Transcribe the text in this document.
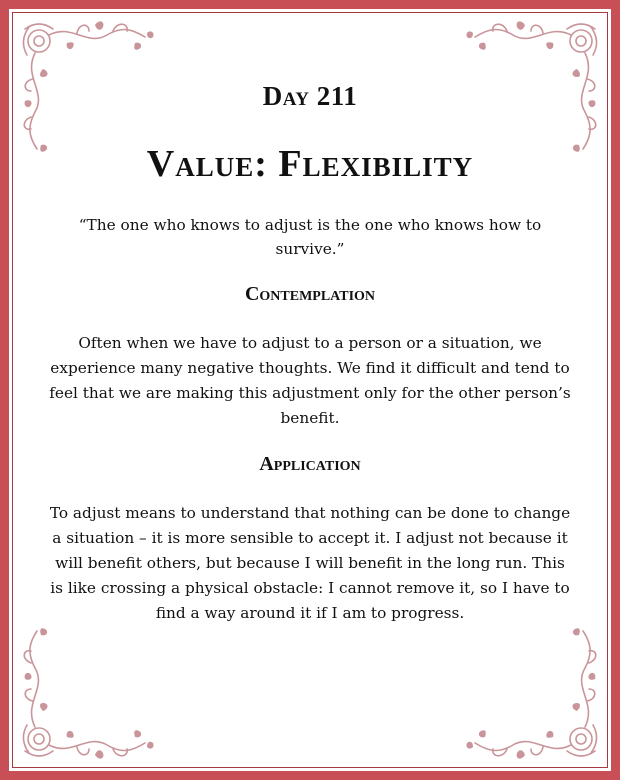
Day 211
Value: Flexibility

“The one who knows to adjust is the one who knows how to survive.”

Contemplation

Often when we have to adjust to a person or a situation, we experience many negative thoughts. We find it difficult and tend to feel that we are making this adjustment only for the other person’s benefit.

Application

To adjust means to understand that nothing can be done to change a situation – it is more sensible to accept it. I adjust not because it will benefit others, but because I will benefit in the long run. This is like crossing a physical obstacle: I cannot remove it, so I have to find a way around it if I am to progress.
